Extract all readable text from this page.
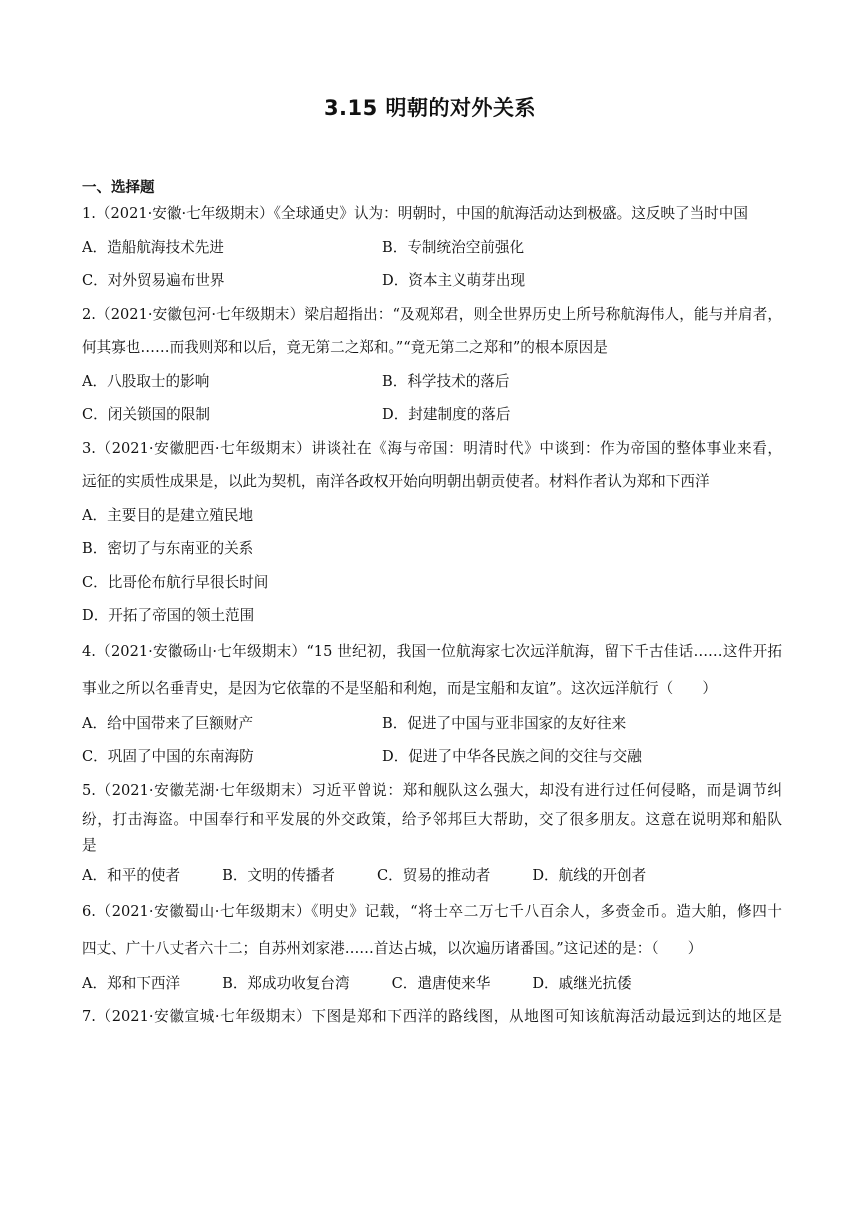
3.15 明朝的对外关系
一、选择题
1.（2021·安徽·七年级期末）《全球通史》认为：明朝时，中国的航海活动达到极盛。这反映了当时中国
A．造船航海技术先进	B．专制统治空前强化
C．对外贸易遍布世界	D．资本主义萌芽出现
2.（2021·安徽包河·七年级期末）梁启超指出：“及观郑君，则全世界历史上所号称航海伟人，能与并肩者，
何其寡也……而我则郑和以后，竟无第二之郑和。”“竟无第二之郑和”的根本原因是
A．八股取士的影响	B．科学技术的落后
C．闭关锁国的限制	D．封建制度的落后
3.（2021·安徽肥西·七年级期末）讲谈社在《海与帝国：明清时代》中谈到：作为帝国的整体事业来看，
远征的实质性成果是，以此为契机，南洋各政权开始向明朝出朝贡使者。材料作者认为郑和下西洋
A．主要目的是建立殖民地
B．密切了与东南亚的关系
C．比哥伦布航行早很长时间
D．开拓了帝国的领土范围
4.（2021·安徽砀山·七年级期末）“15 世纪初，我国一位航海家七次远洋航海，留下千古佳话……这件开拓
事业之所以名垂青史，是因为它依靠的不是坚船和利炮，而是宝船和友谊”。这次远洋航行（　　）
A．给中国带来了巨额财产	B．促进了中国与亚非国家的友好往来
C．巩固了中国的东南海防	D．促进了中华各民族之间的交往与交融
5.（2021·安徽芜湖·七年级期末）习近平曾说：郑和舰队这么强大，却没有进行过任何侵略，而是调节纠
纷，打击海盗。中国奉行和平发展的外交政策，给予邻邦巨大帮助，交了很多朋友。这意在说明郑和船队
是
A．和平的使者	B．文明的传播者	C．贸易的推动者	D．航线的开创者
6.（2021·安徽蜀山·七年级期末）《明史》记载，“将士卒二万七千八百余人，多赍金币。造大舶，修四十
四丈、广十八丈者六十二；自苏州刘家港……首达占城，以次遍历诸番国。”这记述的是：（　　）
A．郑和下西洋	B．郑成功收复台湾	C．遣唐使来华	D．戚继光抗倭
7.（2021·安徽宣城·七年级期末）下图是郑和下西洋的路线图，从地图可知该航海活动最远到达的地区是
